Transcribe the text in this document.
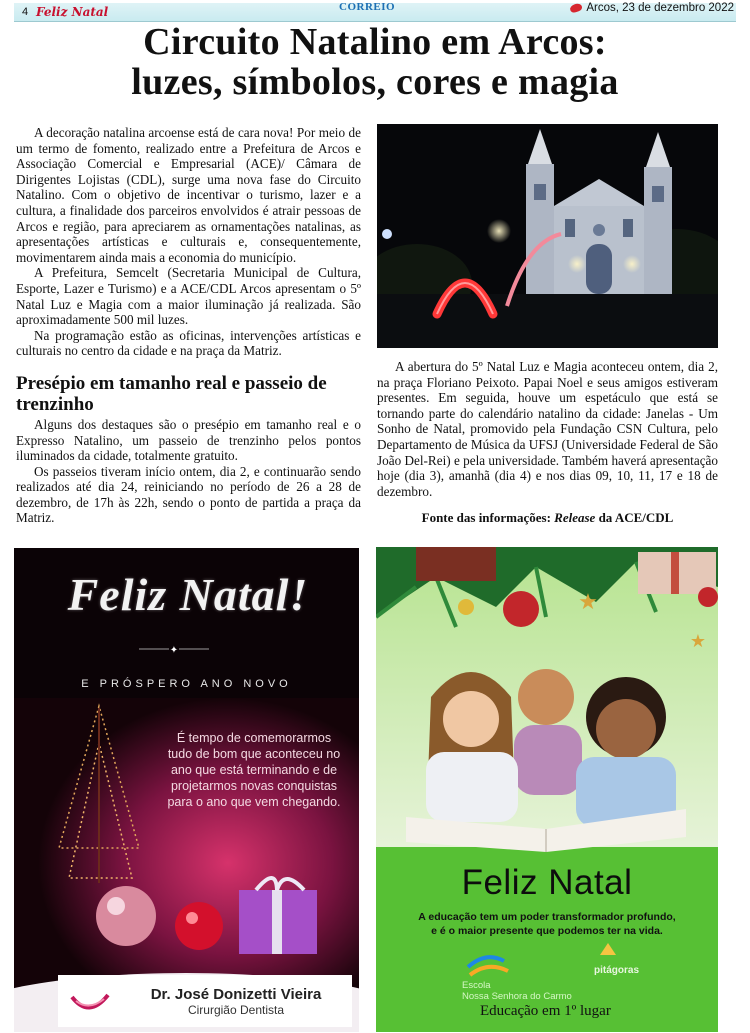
4 Feliz Natal	CORREIO	Arcos, 23 de dezembro 2022
Circuito Natalino em Arcos:
luzes, símbolos, cores e magia

A decoração natalina arcoense está de cara nova! Por meio de um termo de fomento, realizado entre a Prefeitura de Arcos e Associação Comercial e Empresarial (ACE)/ Câmara de Dirigentes Lojistas (CDL), surge uma nova fase do Circuito Natalino. Com o objetivo de incentivar o turismo, lazer e a cultura, a finalidade dos parceiros envolvidos é atrair pessoas de Arcos e região, para apreciarem as ornamentações natalinas, as apresentações artísticas e culturais e, consequentemente, movimentarem ainda mais a economia do município.

A Prefeitura, Semcelt (Secretaria Municipal de Cultura, Esporte, Lazer e Turismo) e a ACE/CDL Arcos apresentam o 5º Natal Luz e Magia com a maior iluminação já realizada. São aproximadamente 500 mil luzes.

Na programação estão as oficinas, intervenções artísticas e culturais no centro da cidade e na praça da Matriz.

Presépio em tamanho real e passeio de trenzinho

Alguns dos destaques são o presépio em tamanho real e o Expresso Natalino, um passeio de trenzinho pelos pontos iluminados da cidade, totalmente gratuito.

Os passeios tiveram início ontem, dia 2, e continuarão sendo realizados até dia 24, reiniciando no período de 26 a 28 de dezembro, de 17h às 22h, sendo o ponto de partida a praça da Matriz.

A abertura do 5º Natal Luz e Magia aconteceu ontem, dia 2, na praça Floriano Peixoto. Papai Noel e seus amigos estiveram presentes. Em seguida, houve um espetáculo que está se tornando parte do calendário natalino da cidade: Janelas - Um Sonho de Natal, promovido pela Fundação CSN Cultura, pelo Departamento de Música da UFSJ (Universidade Federal de São João Del-Rei) e pela universidade. Também haverá apresentação hoje (dia 3), amanhã (dia 4) e nos dias 09, 10, 11, 17 e 18 de dezembro.

Fonte das informações: Release da ACE/CDL
✦
Feliz Natal!
E PRÓSPERO ANO NOVO
É tempo de comemorarmos tudo de bom que aconteceu no ano que está terminando e de projetarmos novas conquistas para o ano que vem chegando.
Dr. José Donizetti Vieira
Cirurgião Dentista
★
★
Feliz Natal
A educação tem um poder transformador profundo,
e é o maior presente que podemos ter na vida.
Escola
Nossa Senhora do Carmo
pitágoras
Educação em 1º lugar
